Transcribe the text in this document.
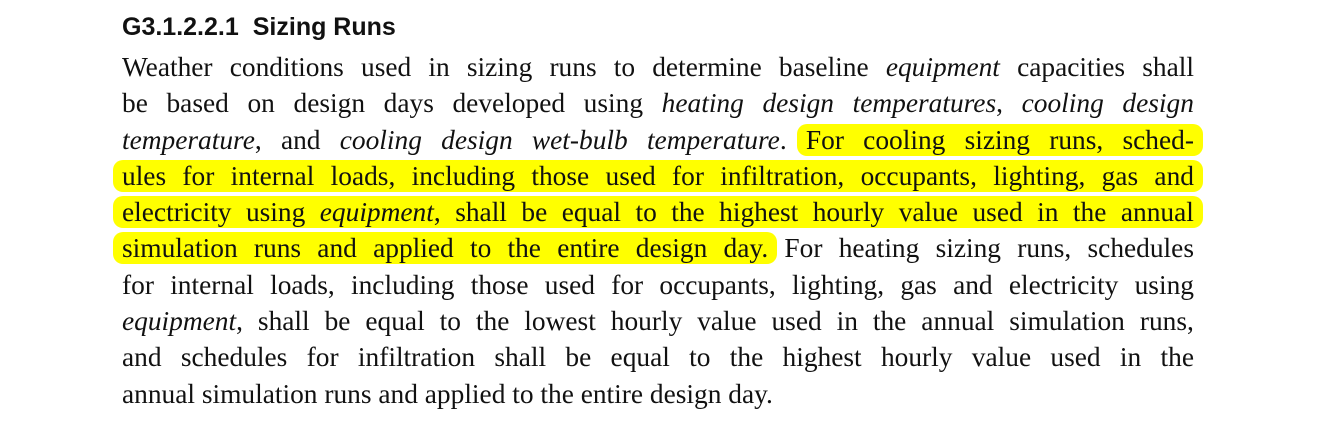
G3.1.2.2.1 Sizing Runs
Weather conditions used in sizing runs to determine baseline equipment capacities shall
be based on design days developed using heating design temperatures, cooling design
temperature, and cooling design wet-bulb temperature. For cooling sizing runs, sched-
ules for internal loads, including those used for infiltration, occupants, lighting, gas and
electricity using equipment, shall be equal to the highest hourly value used in the annual
simulation runs and applied to the entire design day. For heating sizing runs, schedules
for internal loads, including those used for occupants, lighting, gas and electricity using
equipment, shall be equal to the lowest hourly value used in the annual simulation runs,
and schedules for infiltration shall be equal to the highest hourly value used in the
annual simulation runs and applied to the entire design day.
